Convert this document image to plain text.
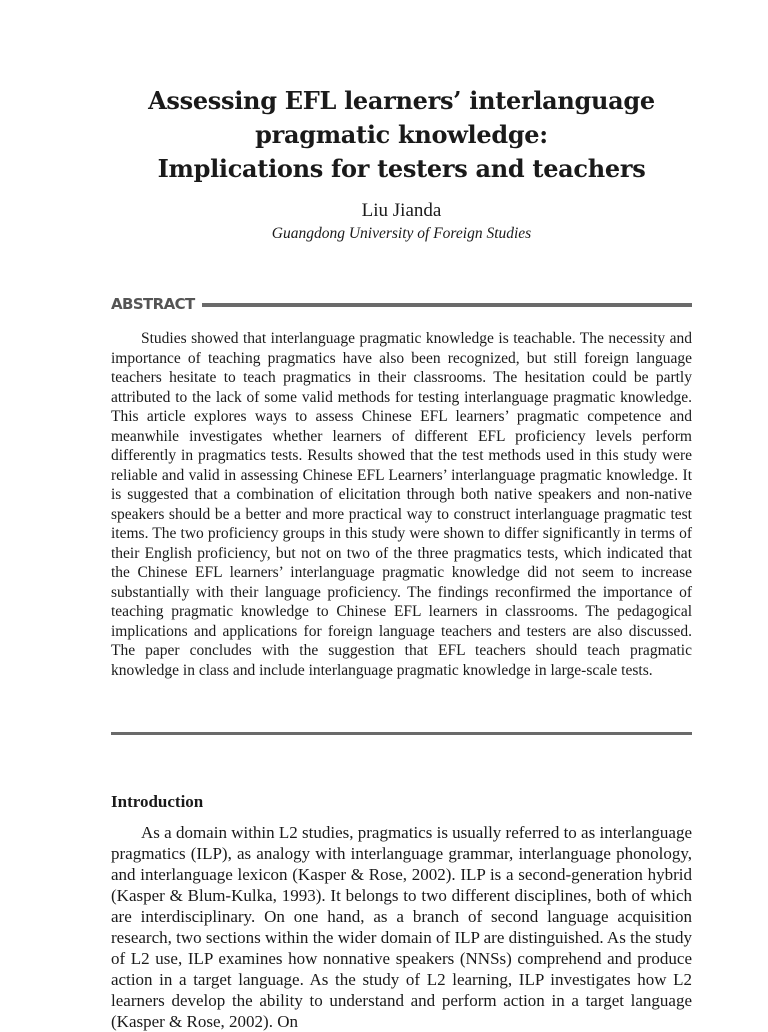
Assessing EFL learners’ interlanguage
pragmatic knowledge:
Implications for testers and teachers
Liu Jianda
Guangdong University of Foreign Studies
ABSTRACT

Studies showed that interlanguage pragmatic knowledge is teachable. The necessity and importance of teaching pragmatics have also been recognized, but still foreign language teachers hesitate to teach pragmatics in their classrooms. The hesitation could be partly attributed to the lack of some valid methods for testing interlanguage pragmatic knowledge. This article explores ways to assess Chinese EFL learners’ pragmatic competence and meanwhile investigates whether learners of different EFL proficiency levels perform differently in pragmatics tests. Results showed that the test methods used in this study were reliable and valid in assessing Chinese EFL Learners’ interlanguage pragmatic knowledge. It is suggested that a combination of elicitation through both native speakers and non-native speakers should be a better and more practical way to construct interlanguage pragmatic test items. The two proficiency groups in this study were shown to differ significantly in terms of their English proficiency, but not on two of the three pragmatics tests, which indicated that the Chinese EFL learners’ interlanguage pragmatic knowledge did not seem to increase substantially with their language proficiency. The findings reconfirmed the importance of teaching pragmatic knowledge to Chinese EFL learners in classrooms. The pedagogical implications and applications for foreign language teachers and testers are also discussed. The paper concludes with the suggestion that EFL teachers should teach pragmatic knowledge in class and include interlanguage pragmatic knowledge in large-scale tests.

Introduction

As a domain within L2 studies, pragmatics is usually referred to as interlanguage pragmatics (ILP), as analogy with interlanguage grammar, interlanguage phonology, and interlanguage lexicon (Kasper & Rose, 2002). ILP is a second-generation hybrid (Kasper & Blum-Kulka, 1993). It belongs to two different disciplines, both of which are interdisciplinary. On one hand, as a branch of second language acquisition research, two sections within the wider domain of ILP are distinguished. As the study of L2 use, ILP examines how nonnative speakers (NNSs) comprehend and produce action in a target language. As the study of L2 learning, ILP investigates how L2 learners develop the ability to understand and perform action in a target language (Kasper & Rose, 2002). On
